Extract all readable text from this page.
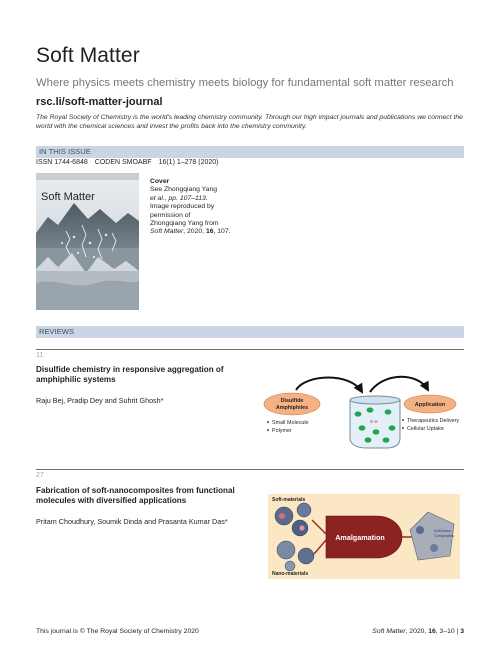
Soft Matter
Where physics meets chemistry meets biology for fundamental soft matter research
rsc.li/soft-matter-journal
The Royal Society of Chemistry is the world's leading chemistry community. Through our high impact journals and publications we connect the world with the chemical sciences and invest the profits back into the chemistry community.
IN THIS ISSUE
ISSN 1744-6848 CODEN SMOABF 16(1) 1–278 (2020)
Soft Matter
Cover
See Zhongqiang Yang
et al., pp. 107–113.
Image reproduced by
permission of
Zhongqiang Yang from
Soft Matter, 2020, 16, 107.
REVIEWS
11
Disulfide chemistry in responsive aggregation of amphiphilic systems
Raju Bej, Pradip Dey and Suhrit Ghosh*
S-S
Disulfide
Amphiphiles
Small Molecule
Polymer
Application
Therapeutics Delivery
Cellular Uptake
27
Fabrication of soft-nanocomposites from functional molecules with diversified applications
Pritam Choudhury, Soumik Dinda and Prasanta Kumar Das*
Soft-materials
Nano-materials
Amalgamation
Soft-Nano
Composites
This journal is © The Royal Society of Chemistry 2020	Soft Matter, 2020, 16, 3–10 | 3
